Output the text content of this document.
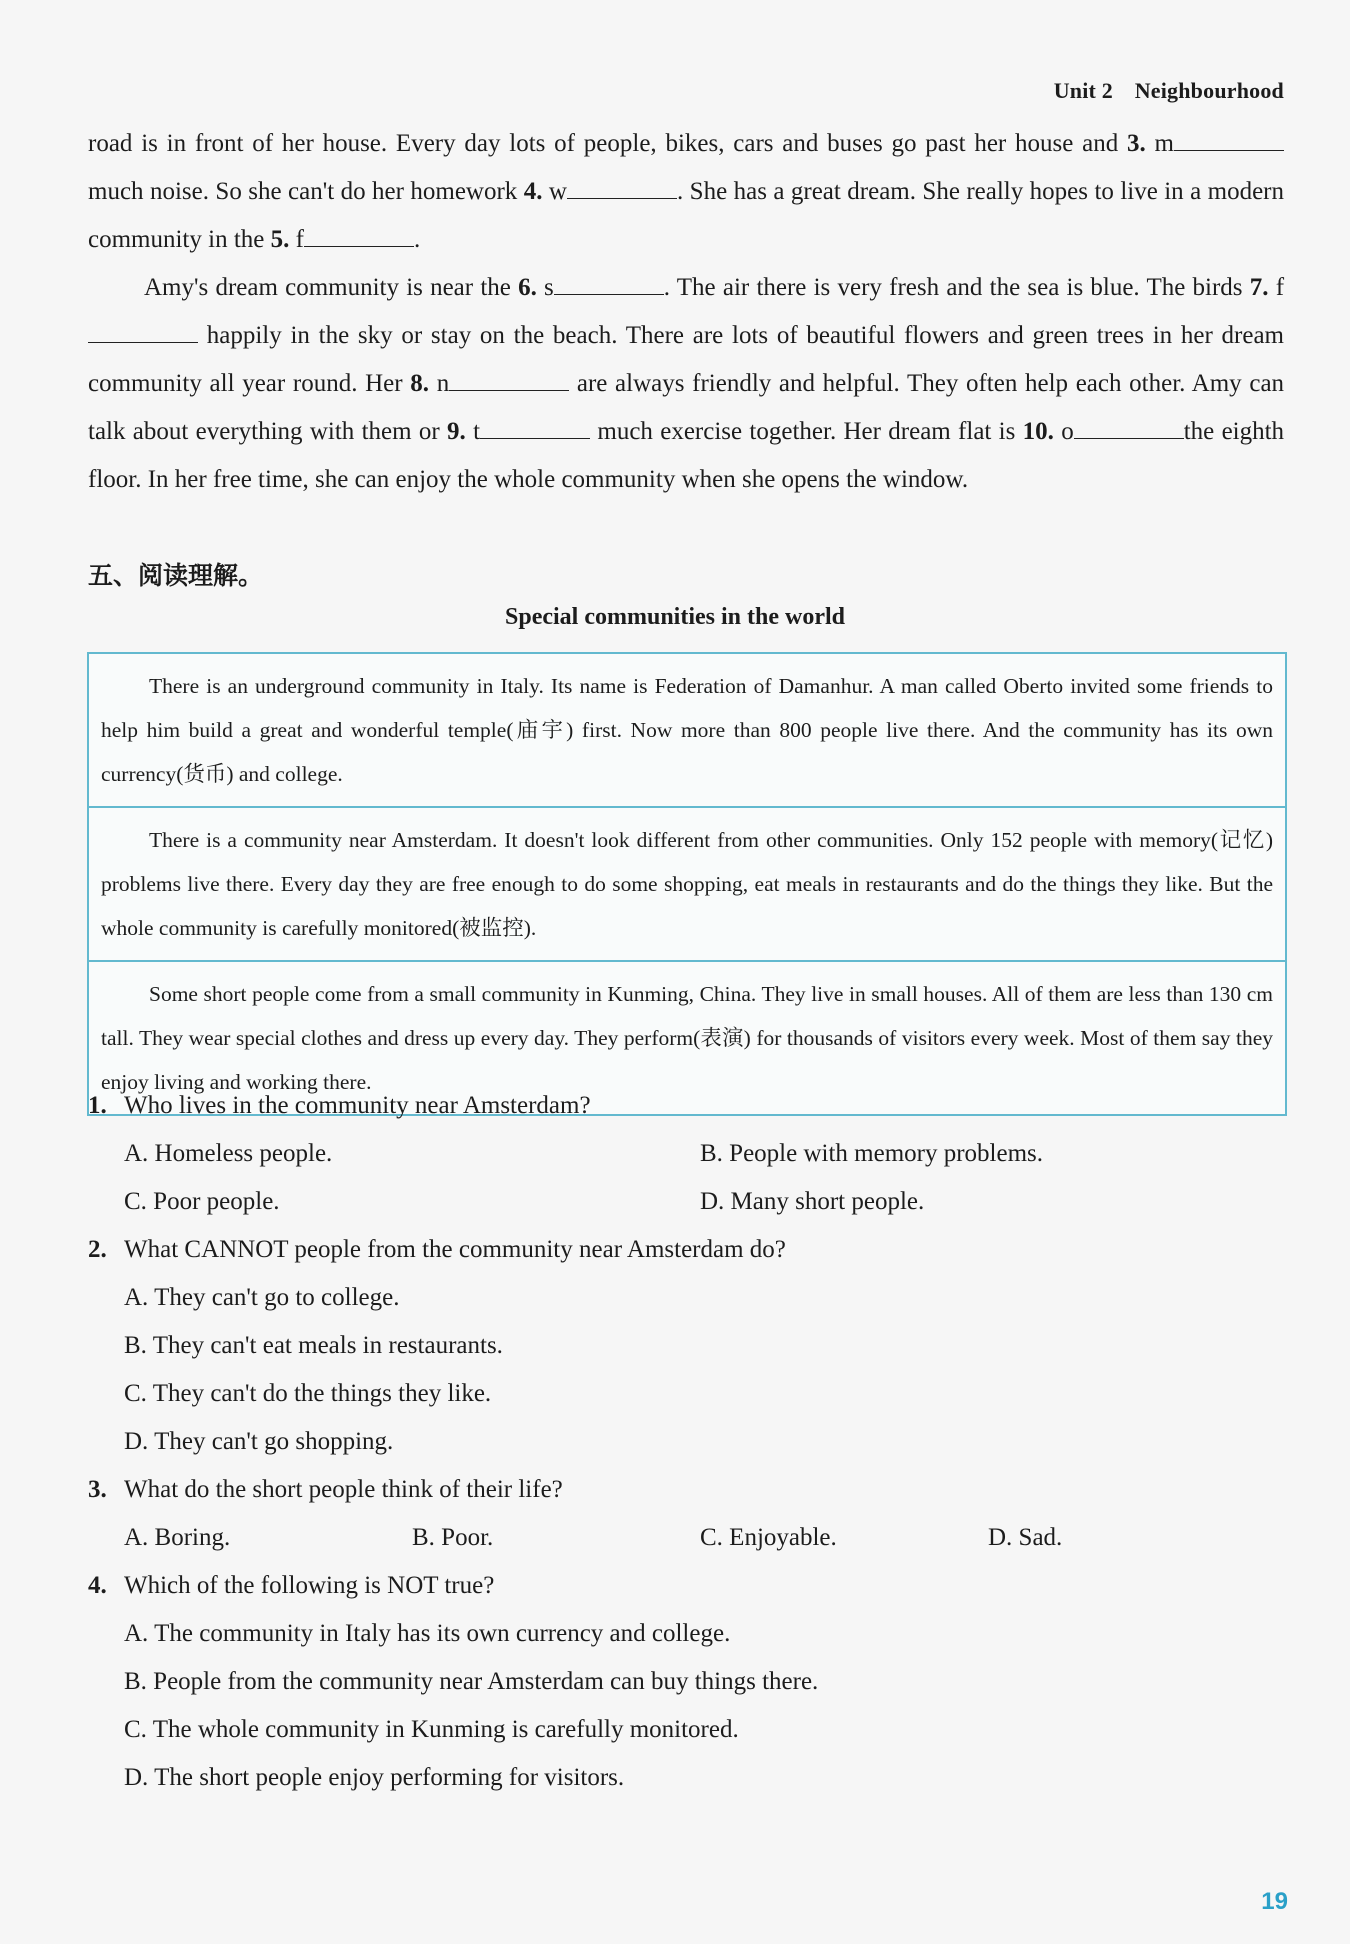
Unit 2 Neighbourhood

road is in front of her house. Every day lots of people, bikes, cars and buses go past her house and 3. m much noise. So she can't do her homework 4. w	. She has a great dream. She really hopes to live in a modern community in the 5. f	.

Amy's dream community is near the 6. s	. The air there is very fresh and the sea is blue. The birds 7. f happily in the sky or stay on the beach. There are lots of beautiful flowers and green trees in her dream community all year round. Her 8. n	are always friendly and helpful. They often help each other. Amy can talk about everything with them or 9. t	much exercise together. Her dream flat is 10. o	the eighth floor. In her free time, she can enjoy the whole community when she opens the window.

五、阅读理解。
Special communities in the world
There is an underground community in Italy. Its name is Federation of Damanhur. A man called Oberto invited some friends to help him build a great and wonderful temple(庙宇) first. Now more than 800 people live there. And the community has its own currency(货币) and college.
There is a community near Amsterdam. It doesn't look different from other communities. Only 152 people with memory(记忆) problems live there. Every day they are free enough to do some shopping, eat meals in restaurants and do the things they like. But the whole community is carefully monitored(被监控).
Some short people come from a small community in Kunming, China. They live in small houses. All of them are less than 130 cm tall. They wear special clothes and dress up every day. They perform(表演) for thousands of visitors every week. Most of them say they enjoy living and working there.
1. Who lives in the community near Amsterdam?
A. Homeless people.	B. People with memory problems.
C. Poor people.	D. Many short people.
2. What CANNOT people from the community near Amsterdam do?
A. They can't go to college.
B. They can't eat meals in restaurants.
C. They can't do the things they like.
D. They can't go shopping.
3. What do the short people think of their life?
A. Boring.	B. Poor.	C. Enjoyable.	D. Sad.
4. Which of the following is NOT true?
A. The community in Italy has its own currency and college.
B. People from the community near Amsterdam can buy things there.
C. The whole community in Kunming is carefully monitored.
D. The short people enjoy performing for visitors.
19
